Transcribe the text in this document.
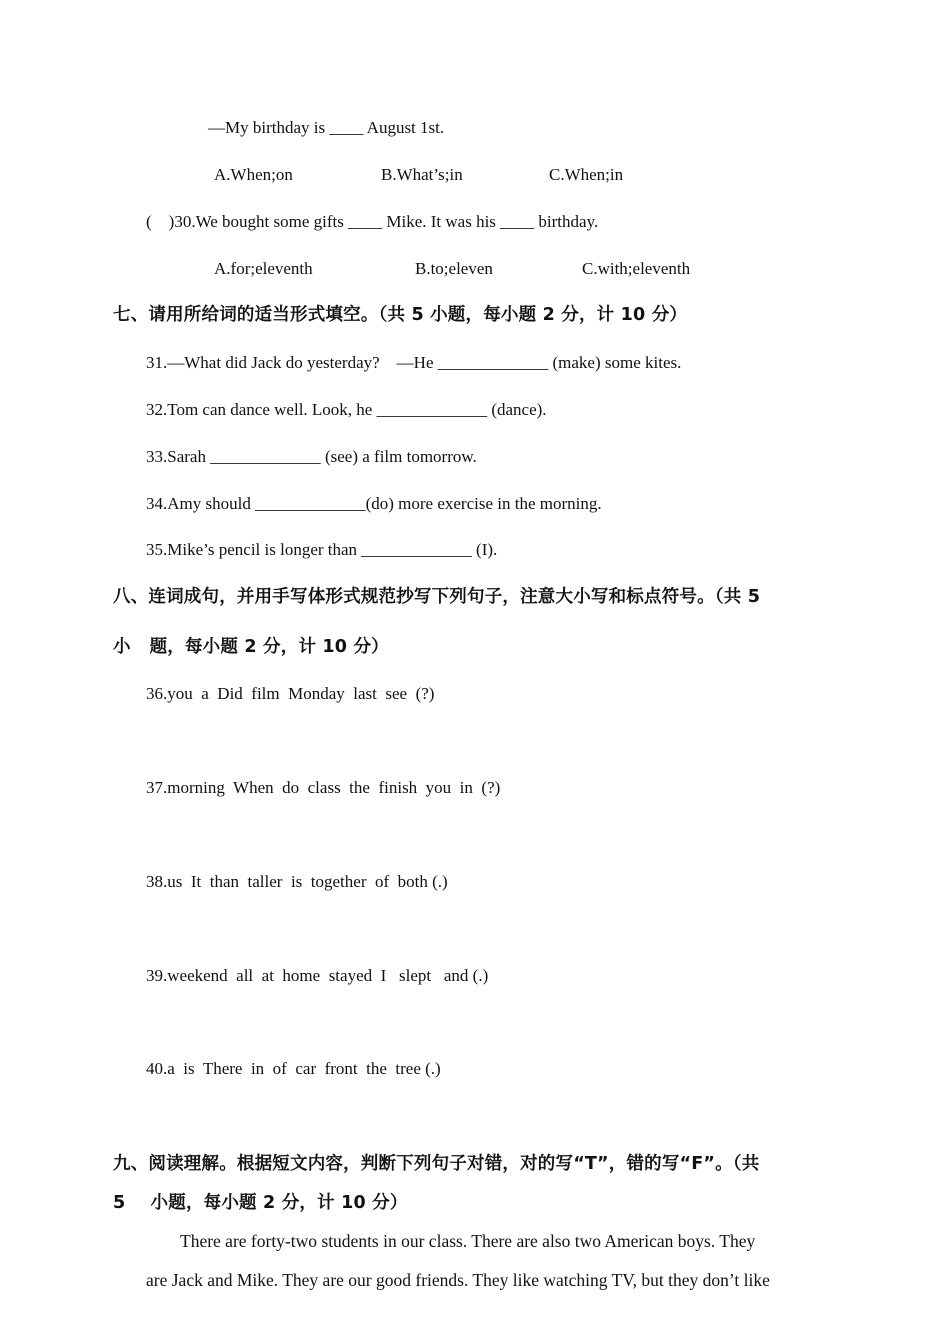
—My birthday is ____ August 1st.
A.When;on	B.What’s;in	C.When;in
(    )30.We bought some gifts ____ Mike. It was his ____ birthday.
A.for;eleventh	B.to;eleven	C.with;eleventh
七、请用所给词的适当形式填空。（共 5 小题，每小题 2 分，计 10 分）
31.—What did Jack do yesterday?    —He _____________ (make) some kites.
32.Tom can dance well. Look, he _____________ (dance).
33.Sarah _____________ (see) a film tomorrow.
34.Amy should _____________(do) more exercise in the morning.
35.Mike’s pencil is longer than _____________ (I).
八、连词成句，并用手写体形式规范抄写下列句子，注意大小写和标点符号。（共 5
小   题，每小题 2 分，计 10 分）
36.you  a  Did  film  Monday  last  see  (?)
37.morning  When  do  class  the  finish  you  in  (?)
38.us  It  than  taller  is  together  of  both (.)
39.weekend  all  at  home  stayed  I   slept   and (.)
40.a  is  There  in  of  car  front  the  tree (.)
九、阅读理解。根据短文内容，判断下列句子对错，对的写“T”，错的写“F”。（共
5    小题，每小题 2 分，计 10 分）
There are forty-two students in our class. There are also two American boys. They
are Jack and Mike. They are our good friends. They like watching TV, but they don’t like
